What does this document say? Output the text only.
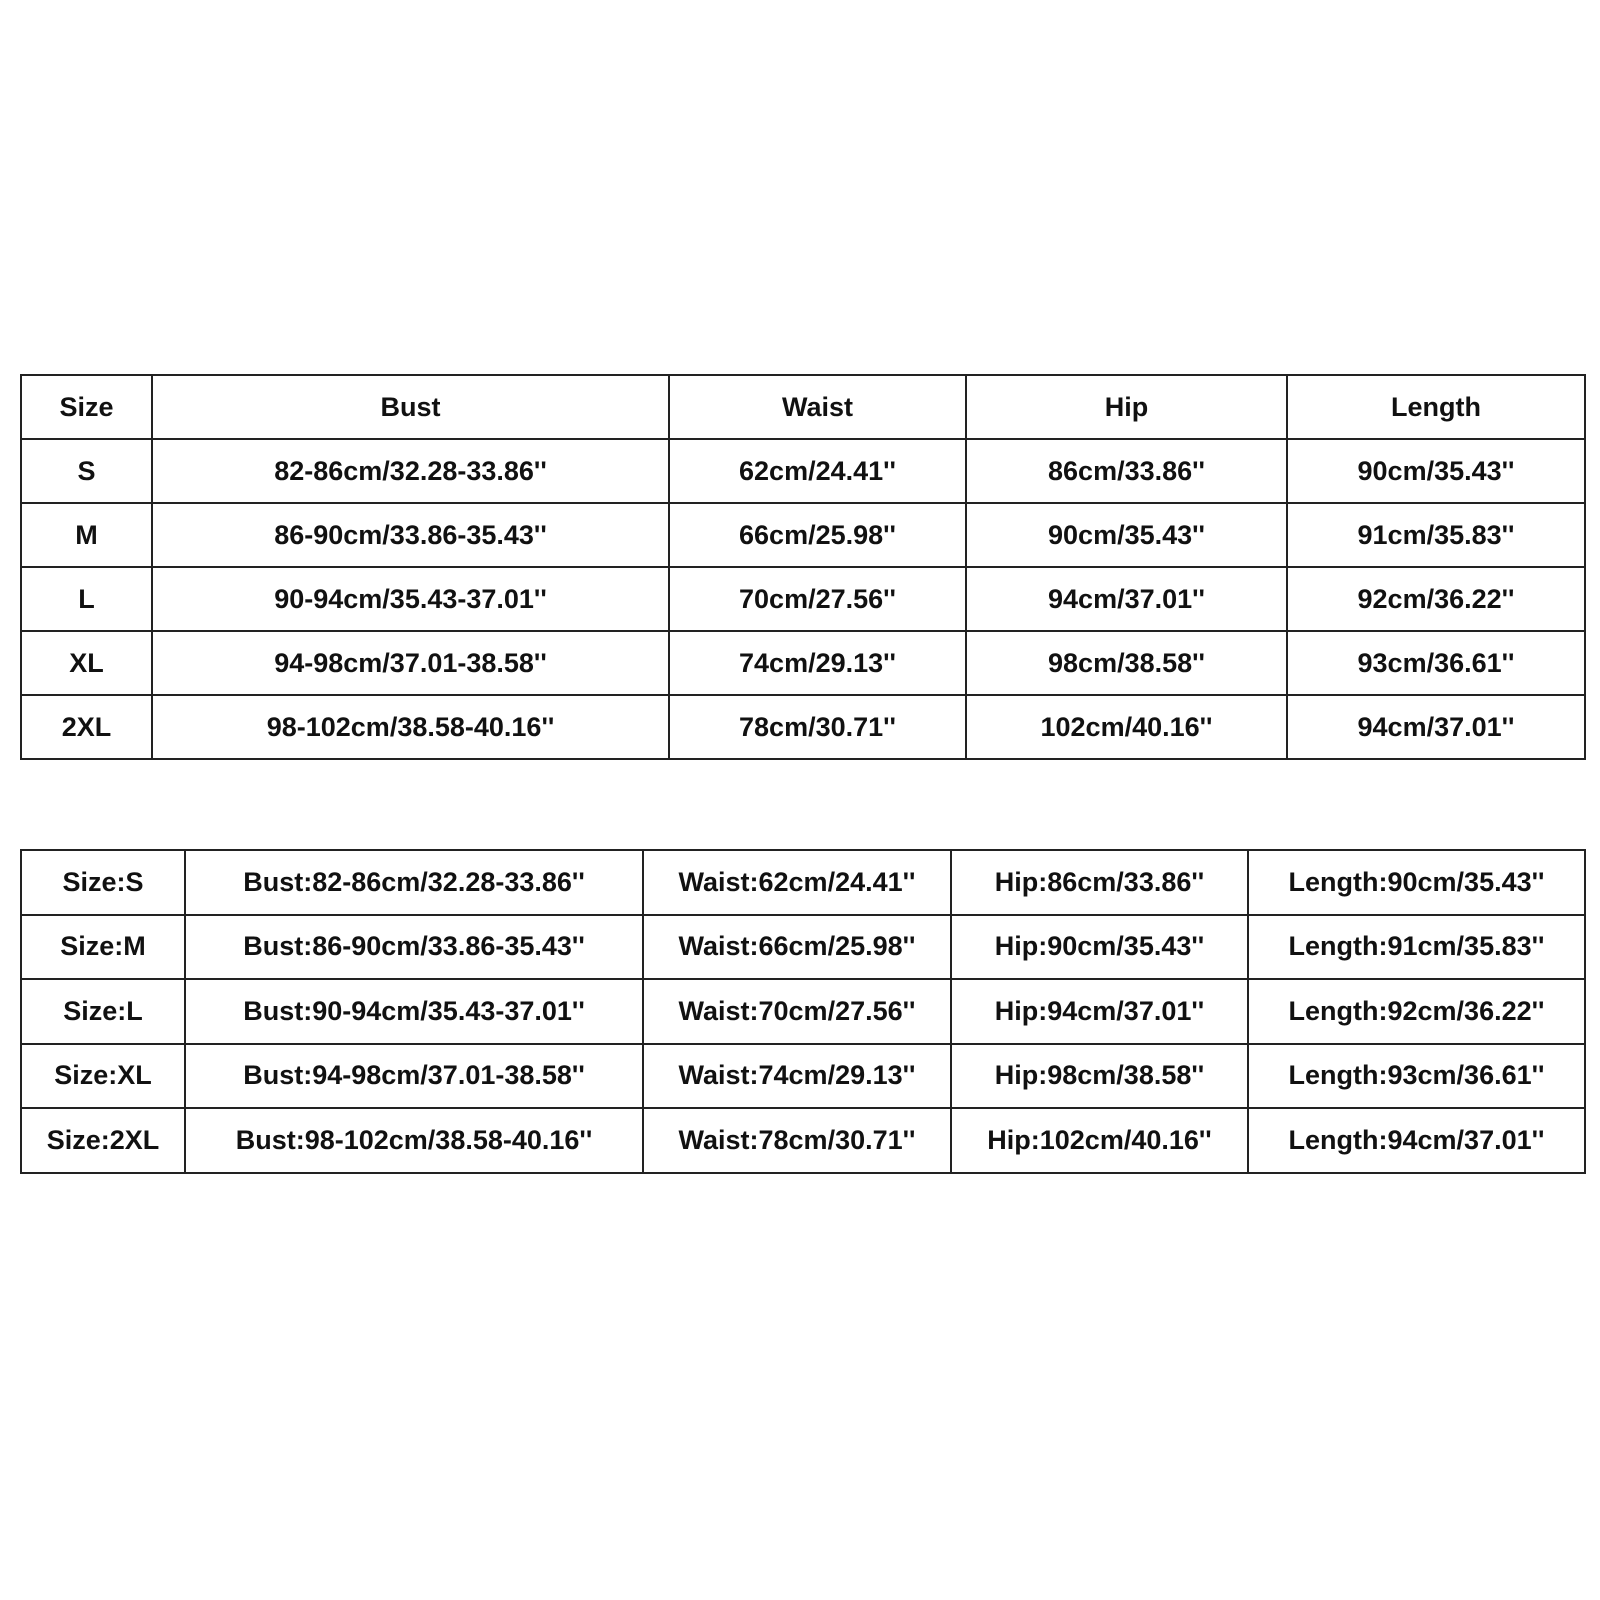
Size	Bust	Waist	Hip	Length
S	82-86cm/32.28-33.86''	62cm/24.41''	86cm/33.86''	90cm/35.43''
M	86-90cm/33.86-35.43''	66cm/25.98''	90cm/35.43''	91cm/35.83''
L	90-94cm/35.43-37.01''	70cm/27.56''	94cm/37.01''	92cm/36.22''
XL	94-98cm/37.01-38.58''	74cm/29.13''	98cm/38.58''	93cm/36.61''
2XL	98-102cm/38.58-40.16''	78cm/30.71''	102cm/40.16''	94cm/37.01''
Size:S	Bust:82-86cm/32.28-33.86''	Waist:62cm/24.41''	Hip:86cm/33.86''	Length:90cm/35.43''
Size:M	Bust:86-90cm/33.86-35.43''	Waist:66cm/25.98''	Hip:90cm/35.43''	Length:91cm/35.83''
Size:L	Bust:90-94cm/35.43-37.01''	Waist:70cm/27.56''	Hip:94cm/37.01''	Length:92cm/36.22''
Size:XL	Bust:94-98cm/37.01-38.58''	Waist:74cm/29.13''	Hip:98cm/38.58''	Length:93cm/36.61''
Size:2XL	Bust:98-102cm/38.58-40.16''	Waist:78cm/30.71''	Hip:102cm/40.16''	Length:94cm/37.01''
